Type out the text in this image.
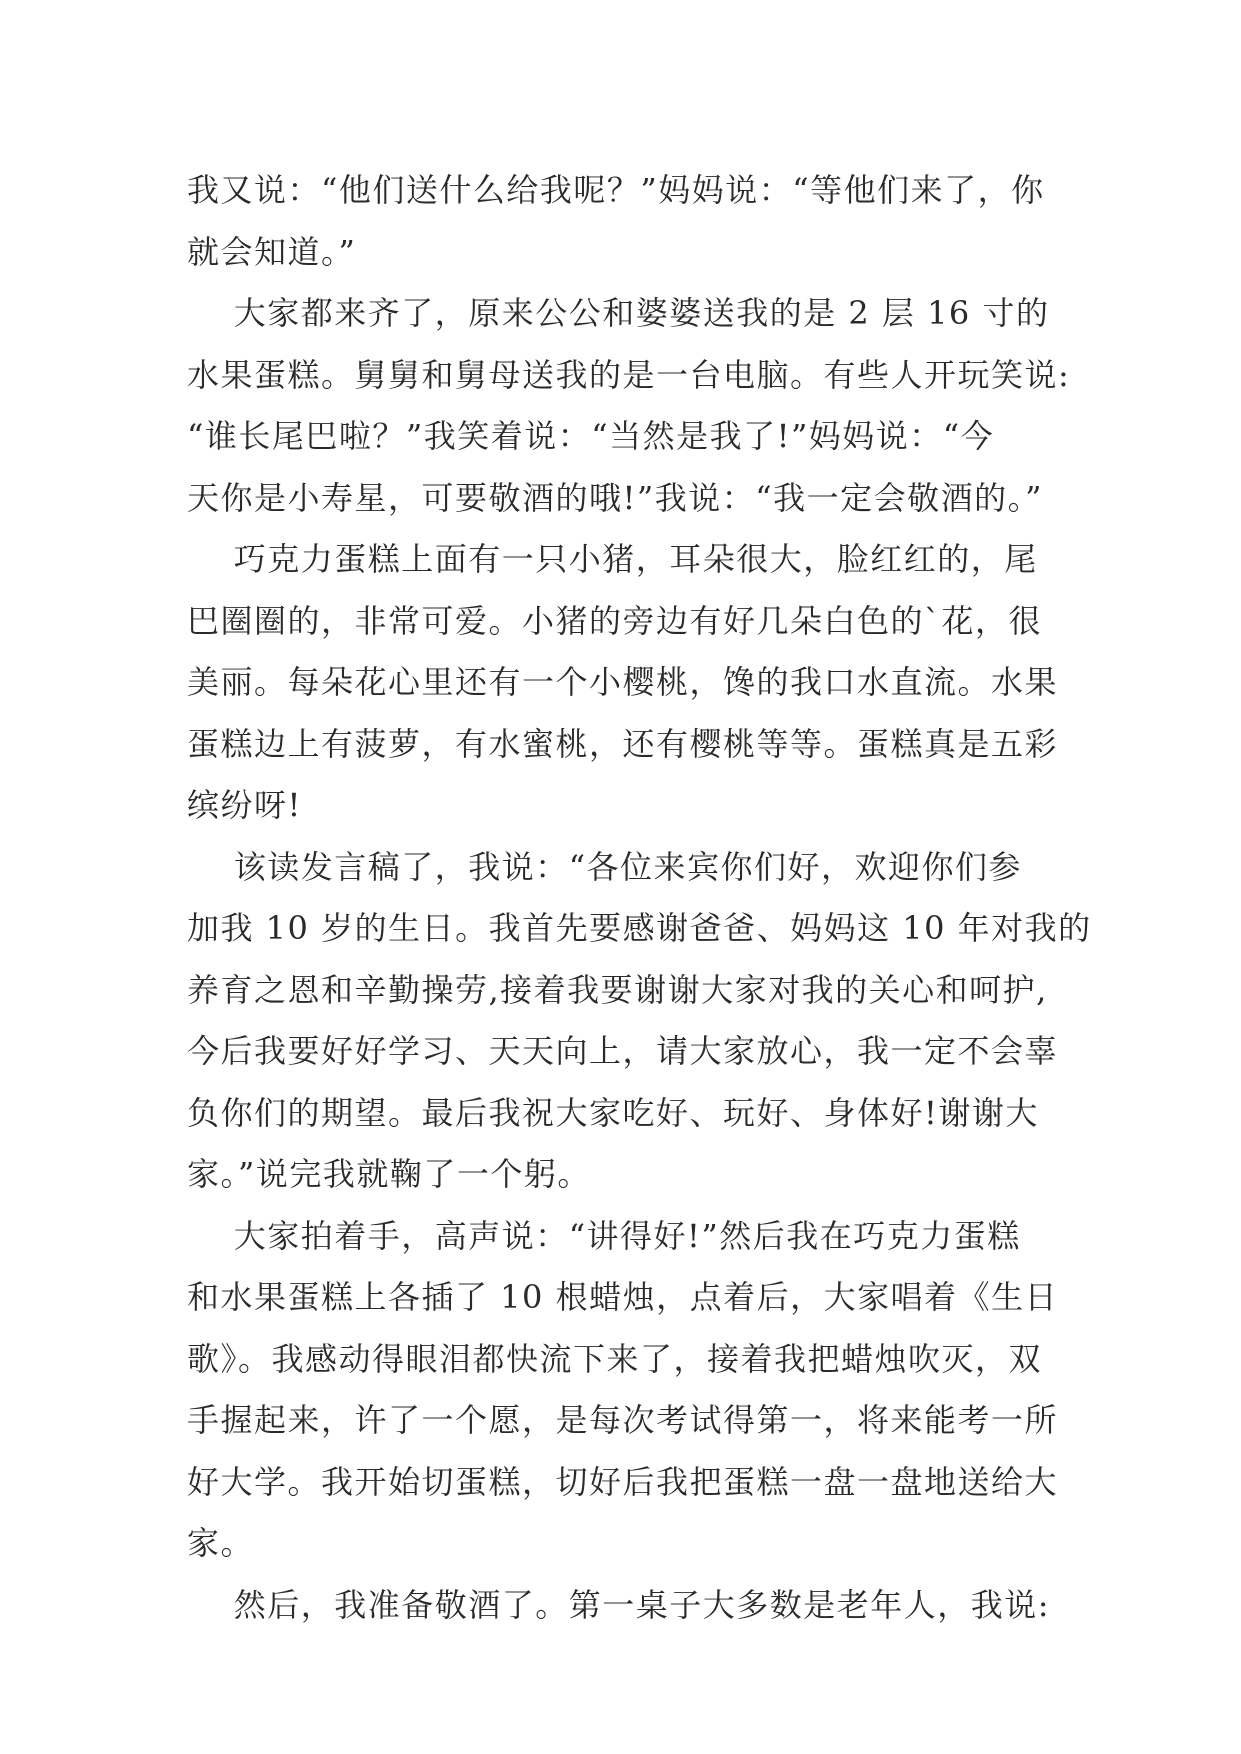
我又说：“他们送什么给我呢？”妈妈说：“等他们来了，你
就会知道。”
大家都来齐了，原来公公和婆婆送我的是 2 层 16 寸的
水果蛋糕。舅舅和舅母送我的是一台电脑。有些人开玩笑说:
“谁长尾巴啦？”我笑着说：“当然是我了!”妈妈说：“今
天你是小寿星，可要敬酒的哦!”我说：“我一定会敬酒的。”
巧克力蛋糕上面有一只小猪，耳朵很大，脸红红的，尾
巴圈圈的，非常可爱。小猪的旁边有好几朵白色的`花，很
美丽。每朵花心里还有一个小樱桃，馋的我口水直流。水果
蛋糕边上有菠萝，有水蜜桃，还有樱桃等等。蛋糕真是五彩
缤纷呀!
该读发言稿了，我说：“各位来宾你们好，欢迎你们参
加我 10 岁的生日。我首先要感谢爸爸、妈妈这 10 年对我的
养育之恩和辛勤操劳,接着我要谢谢大家对我的关心和呵护,
今后我要好好学习、天天向上，请大家放心，我一定不会辜
负你们的期望。最后我祝大家吃好、玩好、身体好!谢谢大
家。”说完我就鞠了一个躬。
大家拍着手，高声说：“讲得好!”然后我在巧克力蛋糕
和水果蛋糕上各插了 10 根蜡烛，点着后，大家唱着《生日
歌》。我感动得眼泪都快流下来了，接着我把蜡烛吹灭，双
手握起来，许了一个愿，是每次考试得第一，将来能考一所
好大学。我开始切蛋糕，切好后我把蛋糕一盘一盘地送给大
家。
然后，我准备敬酒了。第一桌子大多数是老年人，我说:
